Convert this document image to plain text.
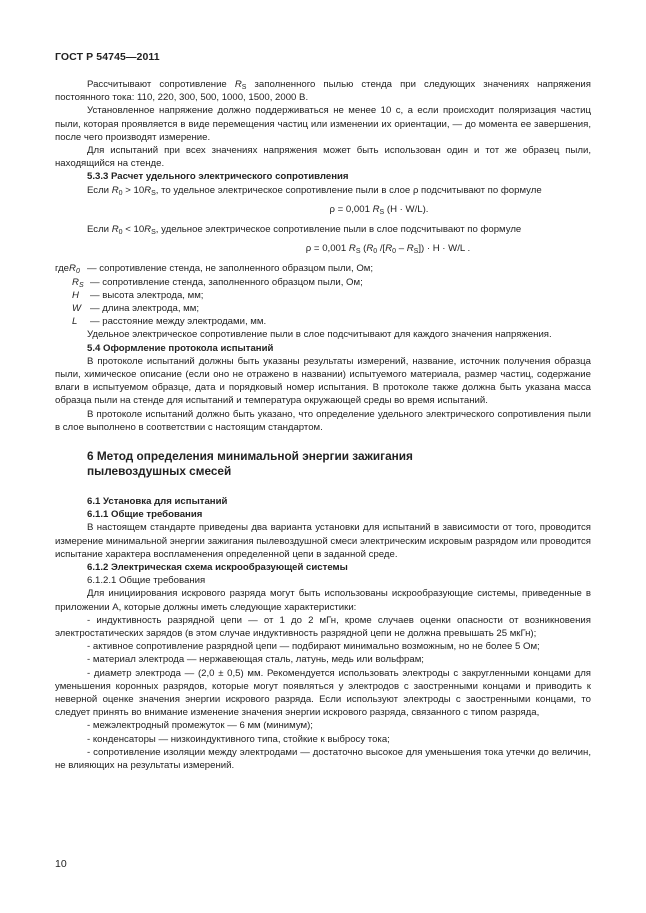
ГОСТ Р 54745—2011

Рассчитывают сопротивление $R_S$ заполненного пылью стенда при следующих значениях напряжения постоянного тока: 110, 220, 300, 500, 1000, 1500, 2000 В.

Установленное напряжение должно поддерживаться не менее 10 с, а если происходит поляризация частиц пыли, которая проявляется в виде перемещения частиц или изменении их ориентации, — до момента ее завершения, после чего производят измерение.

Для испытаний при всех значениях напряжения может быть использован один и тот же образец пыли, находящийся на стенде.

5.3.3 Расчет удельного электрического сопротивления

Если $R_0 > 10R_S$, то удельное электрическое сопротивление пыли в слое ρ подсчитывают по формуле

ρ = 0,001 $R_S$ (H · W/L).

Если $R_0 < 10R_S$, удельное электрическое сопротивление пыли в слое подсчитывают по формуле

ρ = 0,001 $R_S$ ($R_0$ $/[R_0 - R_S]) \cdot H \cdot W/L$ .

где $R_0$ — сопротивление стенда, не заполненного образцом пыли, Ом;

$R_S$ — сопротивление стенда, заполненного образцом пыли, Ом;

H	— высота электрода, мм;

W — длина электрода, мм;

L	— расстояние между электродами, мм.

Удельное электрическое сопротивление пыли в слое подсчитывают для каждого значения напряжения.

5.4 Оформление протокола испытаний

В протоколе испытаний должны быть указаны результаты измерений, название, источник получения образца пыли, химическое описание (если оно не отражено в названии) испытуемого материала, размер частиц, содержание влаги в испытуемом образце, дата и порядковый номер испытания. В протоколе также должна быть указана масса образца пыли на стенде для испытаний и температура окружающей среды во время испытаний.

В протоколе испытаний должно быть указано, что определение удельного электрического сопротивления пыли в слое выполнено в соответствии с настоящим стандартом.

6 Метод определения минимальной энергии зажигания
пылевоздушных смесей

6.1 Установка для испытаний

6.1.1 Общие требования

В настоящем стандарте приведены два варианта установки для испытаний в зависимости от того, проводится измерение минимальной энергии зажигания пылевоздушной смеси электрическим искровым разрядом или проводится испытание характера воспламенения определенной цепи в заданной среде.

6.1.2 Электрическая схема искрообразующей системы

6.1.2.1 Общие требования

Для инициирования искрового разряда могут быть использованы искрообразующие системы, приведенные в приложении А, которые должны иметь следующие характеристики:

- индуктивность разрядной цепи — от 1 до 2 мГн, кроме случаев оценки опасности от возникновения электростатических зарядов (в этом случае индуктивность разрядной цепи не должна превышать 25 мкГн);

- активное сопротивление разрядной цепи — подбирают минимально возможным, но не более 5 Ом;

- материал электрода — нержавеющая сталь, латунь, медь или вольфрам;

- диаметр электрода — (2,0 ± 0,5) мм. Рекомендуется использовать электроды с закругленными концами для уменьшения коронных разрядов, которые могут появляться у электродов с заостренными концами и приводить к неверной оценке значения энергии искрового разряда. Если используют электроды с заостренными концами, то следует принять во внимание изменение значения энергии искрового разряда, связанного с типом разряда,

- межэлектродный промежуток — 6 мм (минимум);

- конденсаторы — низкоиндуктивного типа, стойкие к выбросу тока;

- сопротивление изоляции между электродами — достаточно высокое для уменьшения тока утечки до величин, не влияющих на результаты измерений.

10
